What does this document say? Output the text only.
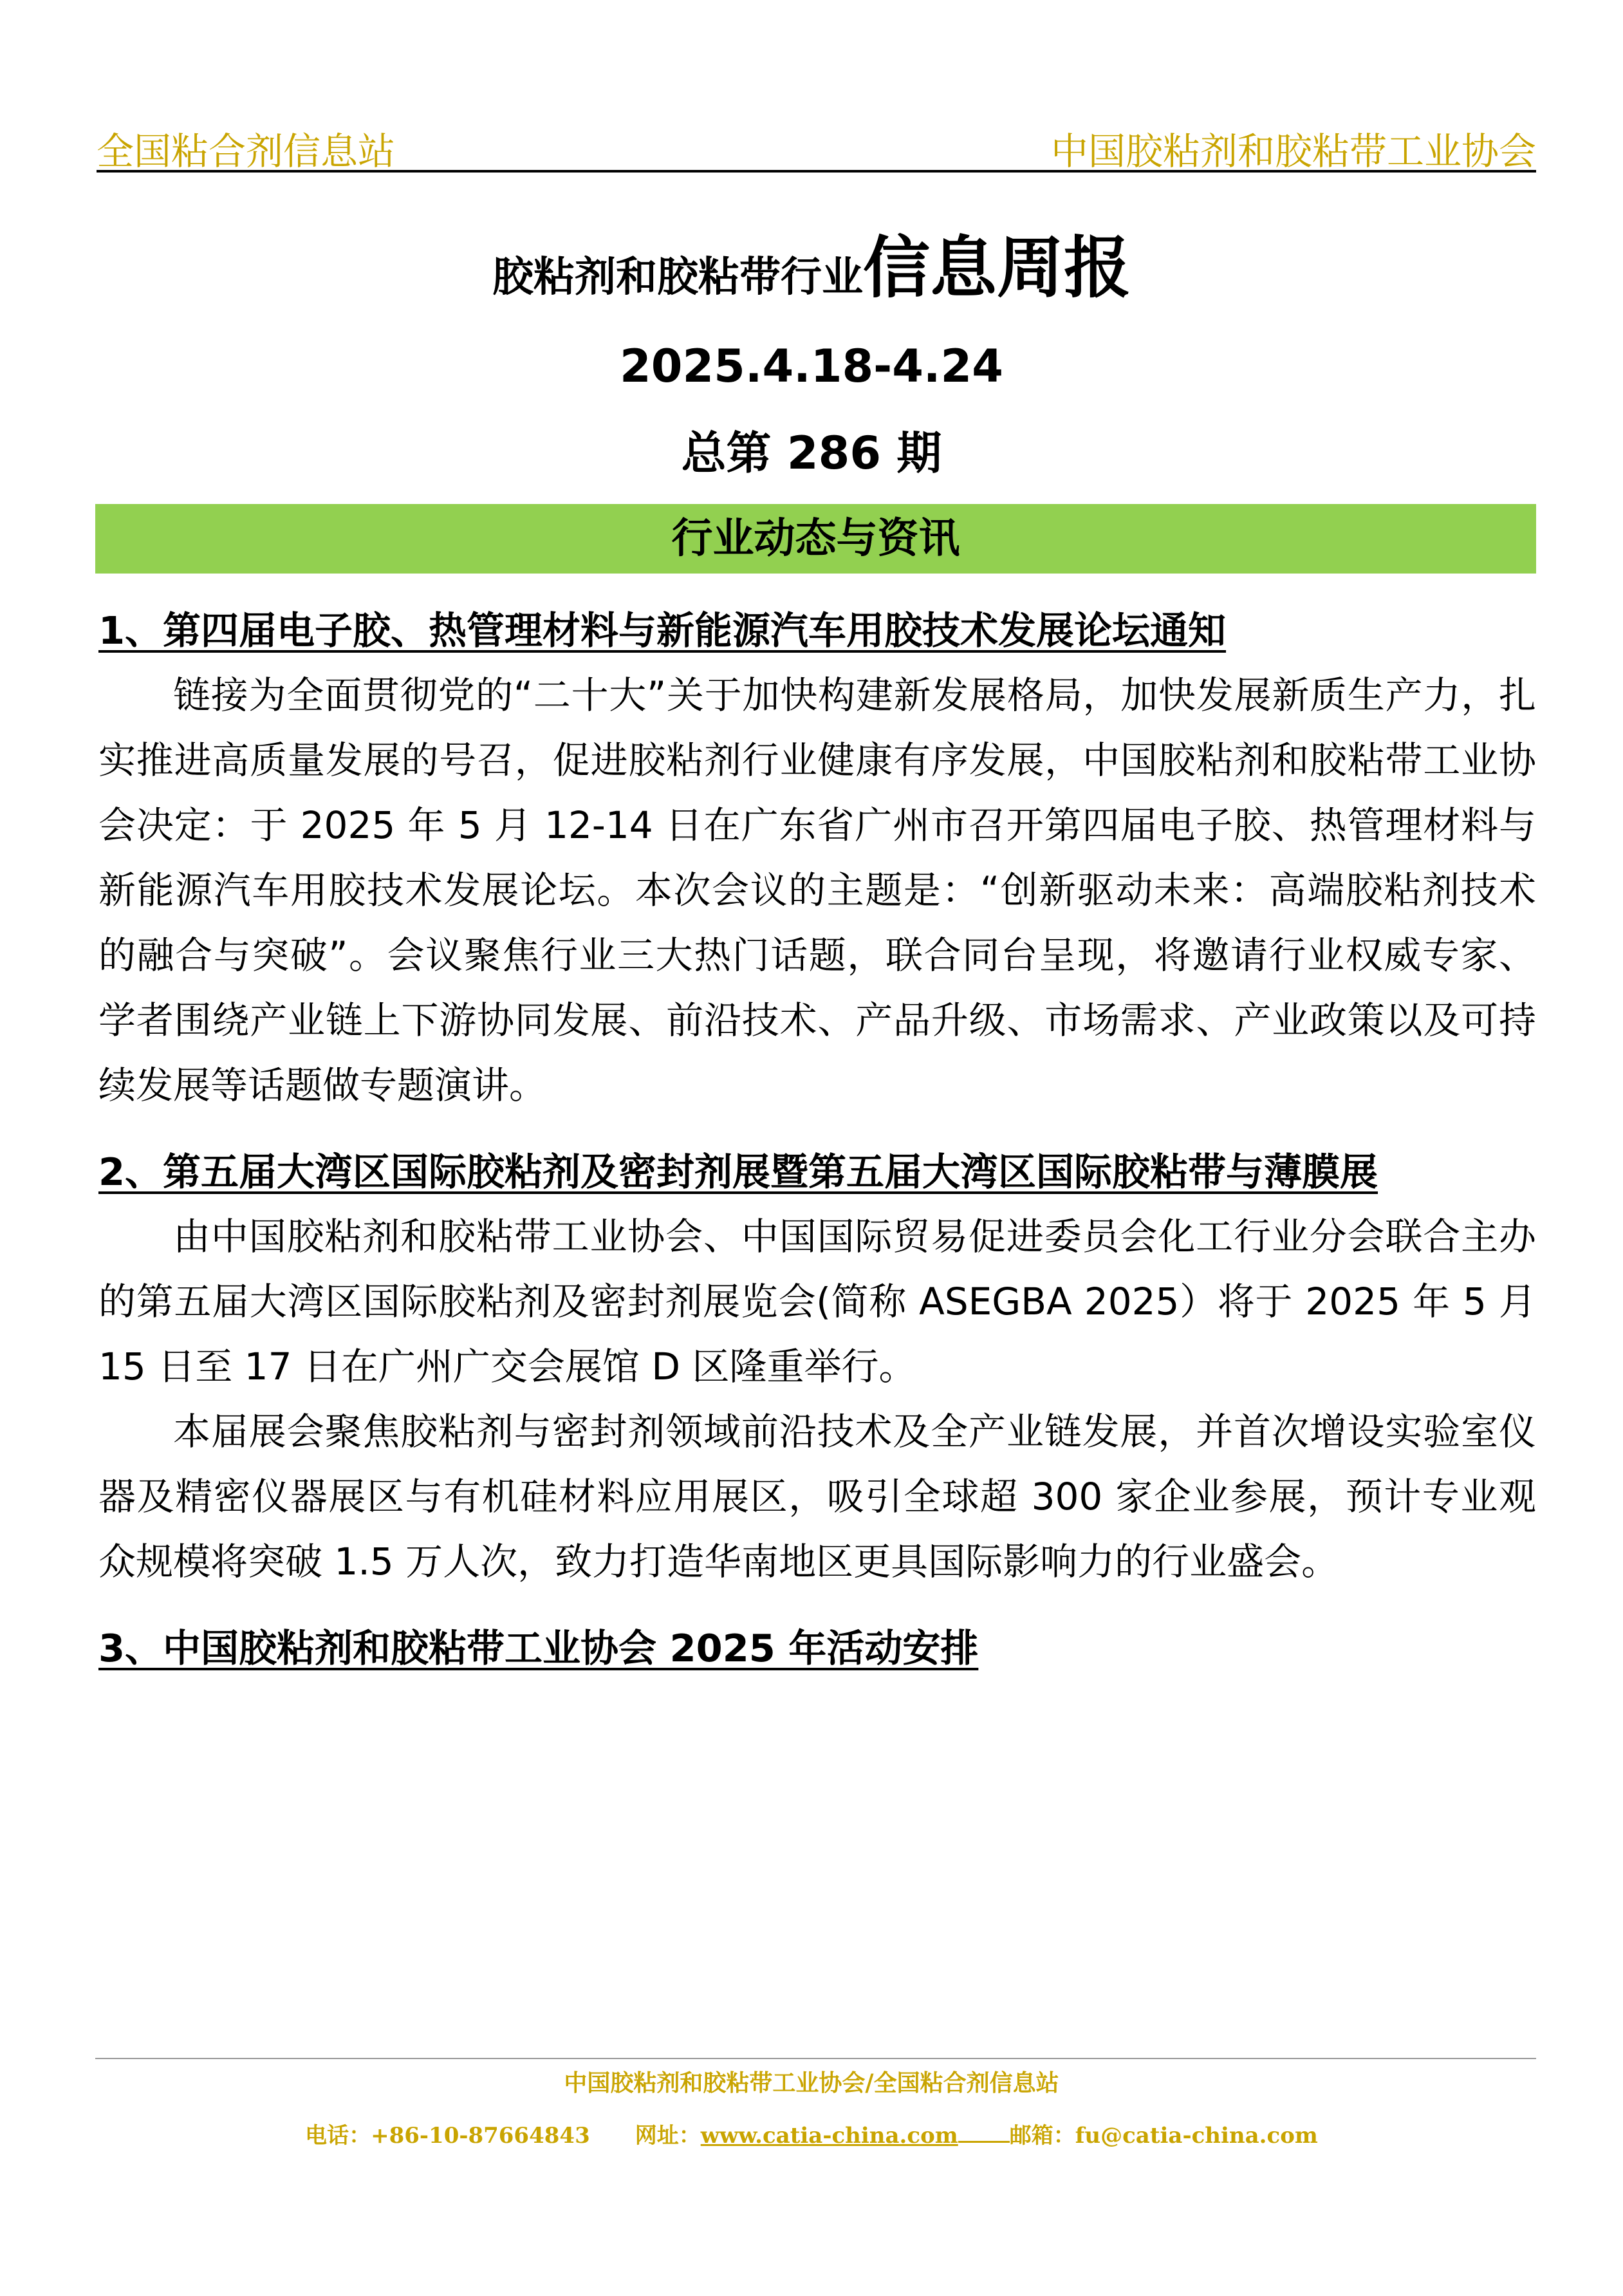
全国粘合剂信息站	中国胶粘剂和胶粘带工业协会
胶粘剂和胶粘带行业信息周报
2025.4.18-4.24
总第 286 期
行业动态与资讯

1、第四届电子胶、热管理材料与新能源汽车用胶技术发展论坛通知

链接为全面贯彻党的“二十大”关于加快构建新发展格局，加快发展新质生产力，扎实推进高质量发展的号召，促进胶粘剂行业健康有序发展，中国胶粘剂和胶粘带工业协会决定：于 2025 年 5 月 12-14 日在广东省广州市召开第四届电子胶、热管理材料与新能源汽车用胶技术发展论坛。本次会议的主题是：“创新驱动未来：高端胶粘剂技术的融合与突破”。会议聚焦行业三大热门话题，联合同台呈现，将邀请行业权威专家、学者围绕产业链上下游协同发展、前沿技术、产品升级、市场需求、产业政策以及可持续发展等话题做专题演讲。

2、第五届大湾区国际胶粘剂及密封剂展暨第五届大湾区国际胶粘带与薄膜展

由中国胶粘剂和胶粘带工业协会、中国国际贸易促进委员会化工行业分会联合主办的第五届大湾区国际胶粘剂及密封剂展览会(简称 ASEGBA 2025）将于 2025 年 5 月 15 日至 17 日在广州广交会展馆 D 区隆重举行。

本届展会聚焦胶粘剂与密封剂领域前沿技术及全产业链发展，并首次增设实验室仪器及精密仪器展区与有机硅材料应用展区，吸引全球超 300 家企业参展，预计专业观众规模将突破 1.5 万人次，致力打造华南地区更具国际影响力的行业盛会。

3、中国胶粘剂和胶粘带工业协会 2025 年活动安排

中国胶粘剂和胶粘带工业协会/全国粘合剂信息站
电话：+86-10-87664843 网址：www.catia-china.com 邮箱：fu@catia-china.com
